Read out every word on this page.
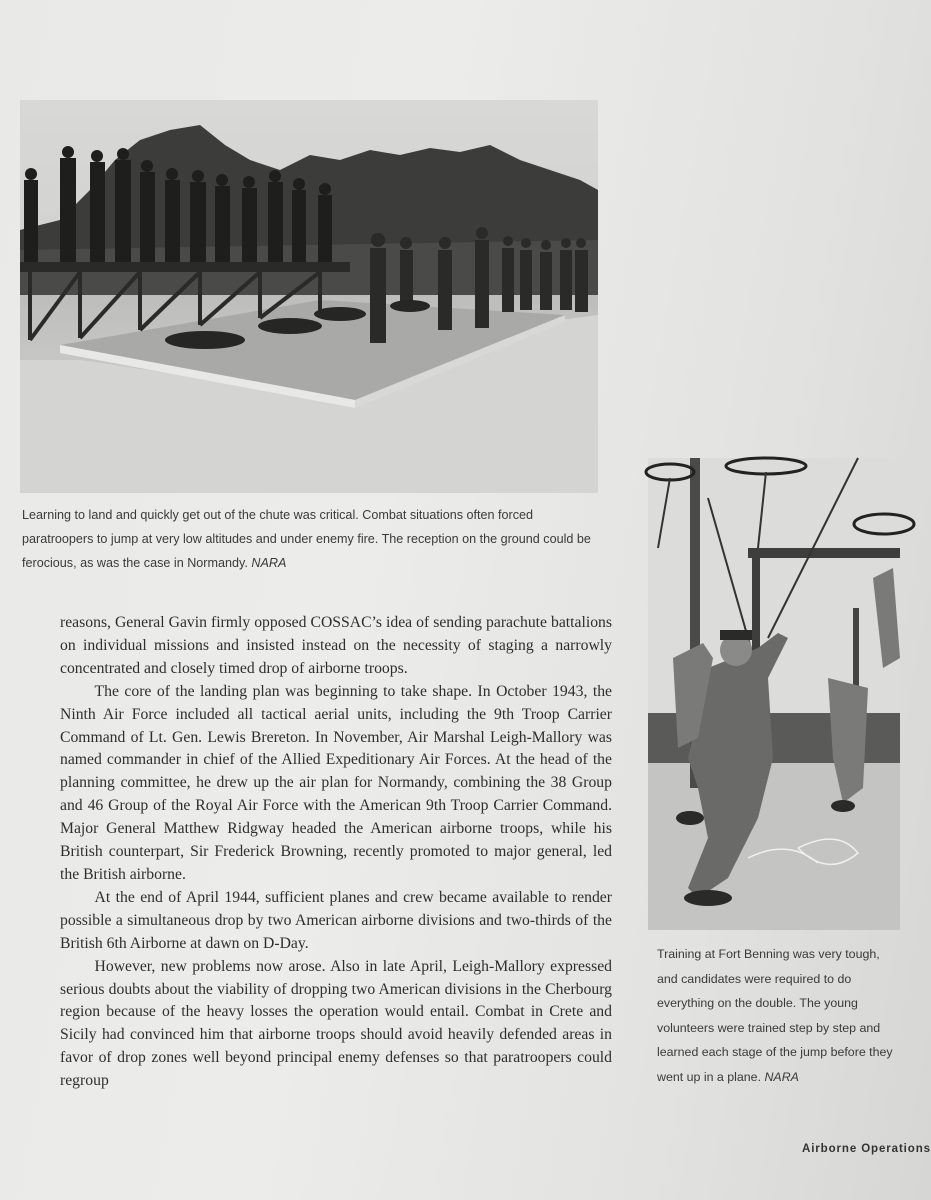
Learning to land and quickly get out of the chute was critical. Combat situations often forced paratroopers to jump at very low altitudes and under enemy fire. The reception on the ground could be ferocious, as was the case in Normandy. NARA
Training at Fort Benning was very tough, and candidates were required to do everything on the double. The young volunteers were trained step by step and learned each stage of the jump before they went up in a plane. NARA

reasons, General Gavin firmly opposed COSSAC’s idea of sending parachute battalions on individual missions and insisted instead on the necessity of staging a narrowly concentrated and closely timed drop of airborne troops.

The core of the landing plan was beginning to take shape. In October 1943, the Ninth Air Force included all tactical aerial units, including the 9th Troop Carrier Command of Lt. Gen. Lewis Brereton. In November, Air Marshal Leigh-Mallory was named commander in chief of the Allied Expeditionary Air Forces. At the head of the planning committee, he drew up the air plan for Normandy, combining the 38 Group and 46 Group of the Royal Air Force with the American 9th Troop Carrier Command. Major General Matthew Ridgway headed the American airborne troops, while his British counterpart, Sir Frederick Browning, recently promoted to major general, led the British airborne.

At the end of April 1944, sufficient planes and crew became available to render possible a simultaneous drop by two American airborne divisions and two-thirds of the British 6th Airborne at dawn on D-Day.

However, new problems now arose. Also in late April, Leigh-Mallory expressed serious doubts about the viability of dropping two American divisions in the Cherbourg region because of the heavy losses the operation would entail. Combat in Crete and Sicily had convinced him that airborne troops should avoid heavily defended areas in favor of drop zones well beyond principal enemy defenses so that paratroopers could regroup

Airborne Operations
